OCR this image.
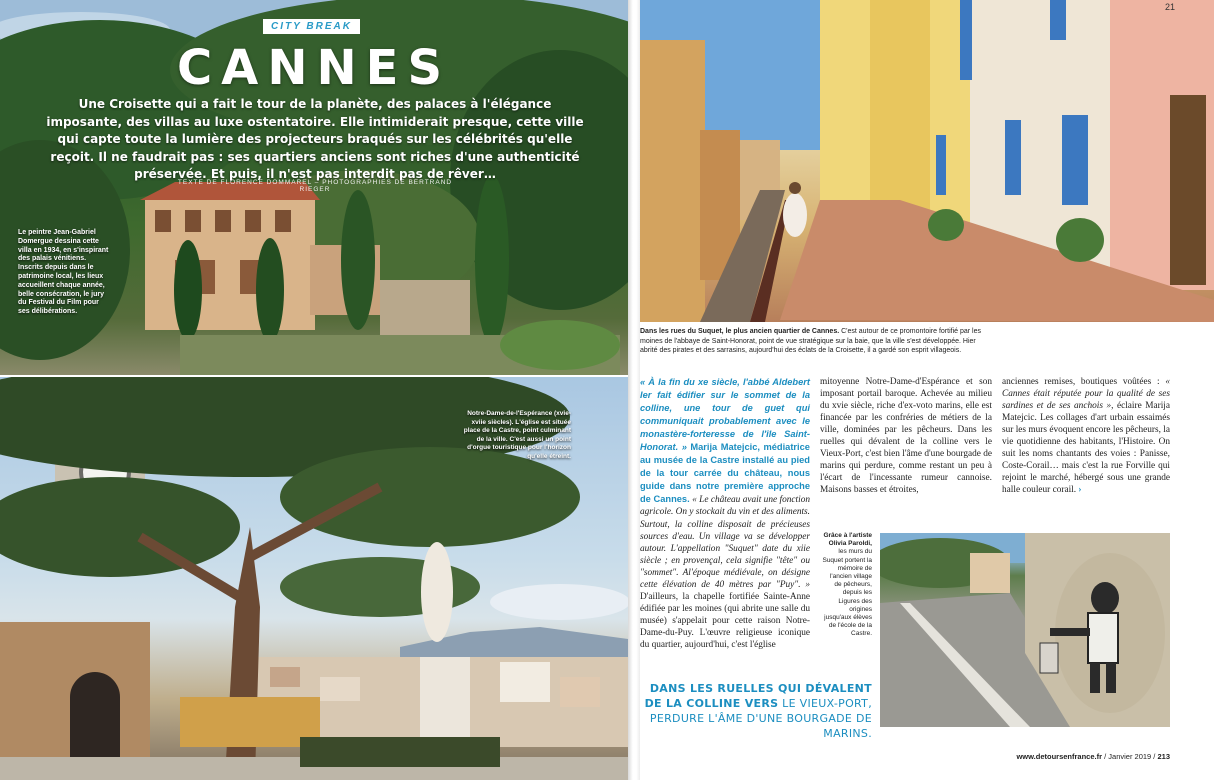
CITY BREAK
CANNES
Une Croisette qui a fait le tour de la planète, des palaces à l'élégance imposante, des villas au luxe ostentatoire. Elle intimiderait presque, cette ville qui capte toute la lumière des projecteurs braqués sur les célébrités qu'elle reçoit. Il ne faudrait pas : ses quartiers anciens sont riches d'une authenticité préservée. Et puis, il n'est pas interdit pas de rêver…
TEXTE DE FLORENCE DOMMAREL – PHOTOGRAPHIES DE BERTRAND RIEGER
Le peintre Jean-Gabriel Domergue dessina cette villa en 1934, en s'inspirant des palais vénitiens. Inscrits depuis dans le patrimoine local, les lieux accueillent chaque année, belle consécration, le jury du Festival du Film pour ses délibérations.
Notre-Dame-de-l'Espérance (xvie-xviie siècles). L'église est située place de la Castre, point culminant de la ville. C'est aussi un point d'orgue touristique pour l'horizon qu'elle étreint.
21
Dans les rues du Suquet, le plus ancien quartier de Cannes. C'est autour de ce promontoire fortifié par les moines de l'abbaye de Saint-Honorat, point de vue stratégique sur la baie, que la ville s'est développée. Hier abrité des pirates et des sarrasins, aujourd'hui des éclats de la Croisette, il a gardé son esprit villageois.
« À la fin du xe siècle, l'abbé Aldebert Ier fait édifier sur le sommet de la colline, une tour de guet qui communiquait probablement avec le monastère-forteresse de l'île Saint-Honorat. » Marija Matejcic, médiatrice au musée de la Castre installé au pied de la tour carrée du château, nous guide dans notre première approche de Cannes. « Le château avait une fonction agricole. On y stockait du vin et des aliments. Surtout, la colline disposait de précieuses sources d'eau. Un village va se développer autour. L'appellation "Suquet" date du xiie siècle ; en provençal, cela signifie "tête" ou "sommet". Al'époque médiévale, on désigne cette élévation de 40 mètres par "Puy". » D'ailleurs, la chapelle fortifiée Sainte-Anne édifiée par les moines (qui abrite une salle du musée) s'appelait pour cette raison Notre-Dame-du-Puy. L'œuvre religieuse iconique du quartier, aujourd'hui, c'est l'église
mitoyenne Notre-Dame-d'Espérance et son imposant portail baroque. Achevée au milieu du xvie siècle, riche d'ex-voto marins, elle est financée par les confréries de métiers de la ville, dominées par les pêcheurs. Dans les ruelles qui dévalent de la colline vers le Vieux-Port, c'est bien l'âme d'une bourgade de marins qui perdure, comme restant un peu à l'écart de l'incessante rumeur cannoise. Maisons basses et étroites,
anciennes remises, boutiques voûtées : « Cannes était réputée pour la qualité de ses sardines et de ses anchois », éclaire Marija Matejcic. Les collages d'art urbain essaimés sur les murs évoquent encore les pêcheurs, la vie quotidienne des habitants, l'Histoire. On suit les noms chantants des voies : Panisse, Coste-Corail… mais c'est la rue Forville qui rejoint le marché, hébergé sous une grande halle couleur corail. ›
Grâce à l'artiste Olivia Paroldi, les murs du Suquet portent la mémoire de l'ancien village de pêcheurs, depuis les Ligures des origines jusqu'aux élèves de l'école de la Castre.
DANS LES RUELLES QUI DÉVALENT DE LA COLLINE VERS LE VIEUX-PORT, PERDURE L'ÂME D'UNE BOURGADE DE MARINS.
www.detoursenfrance.fr / Janvier 2019 / 213
